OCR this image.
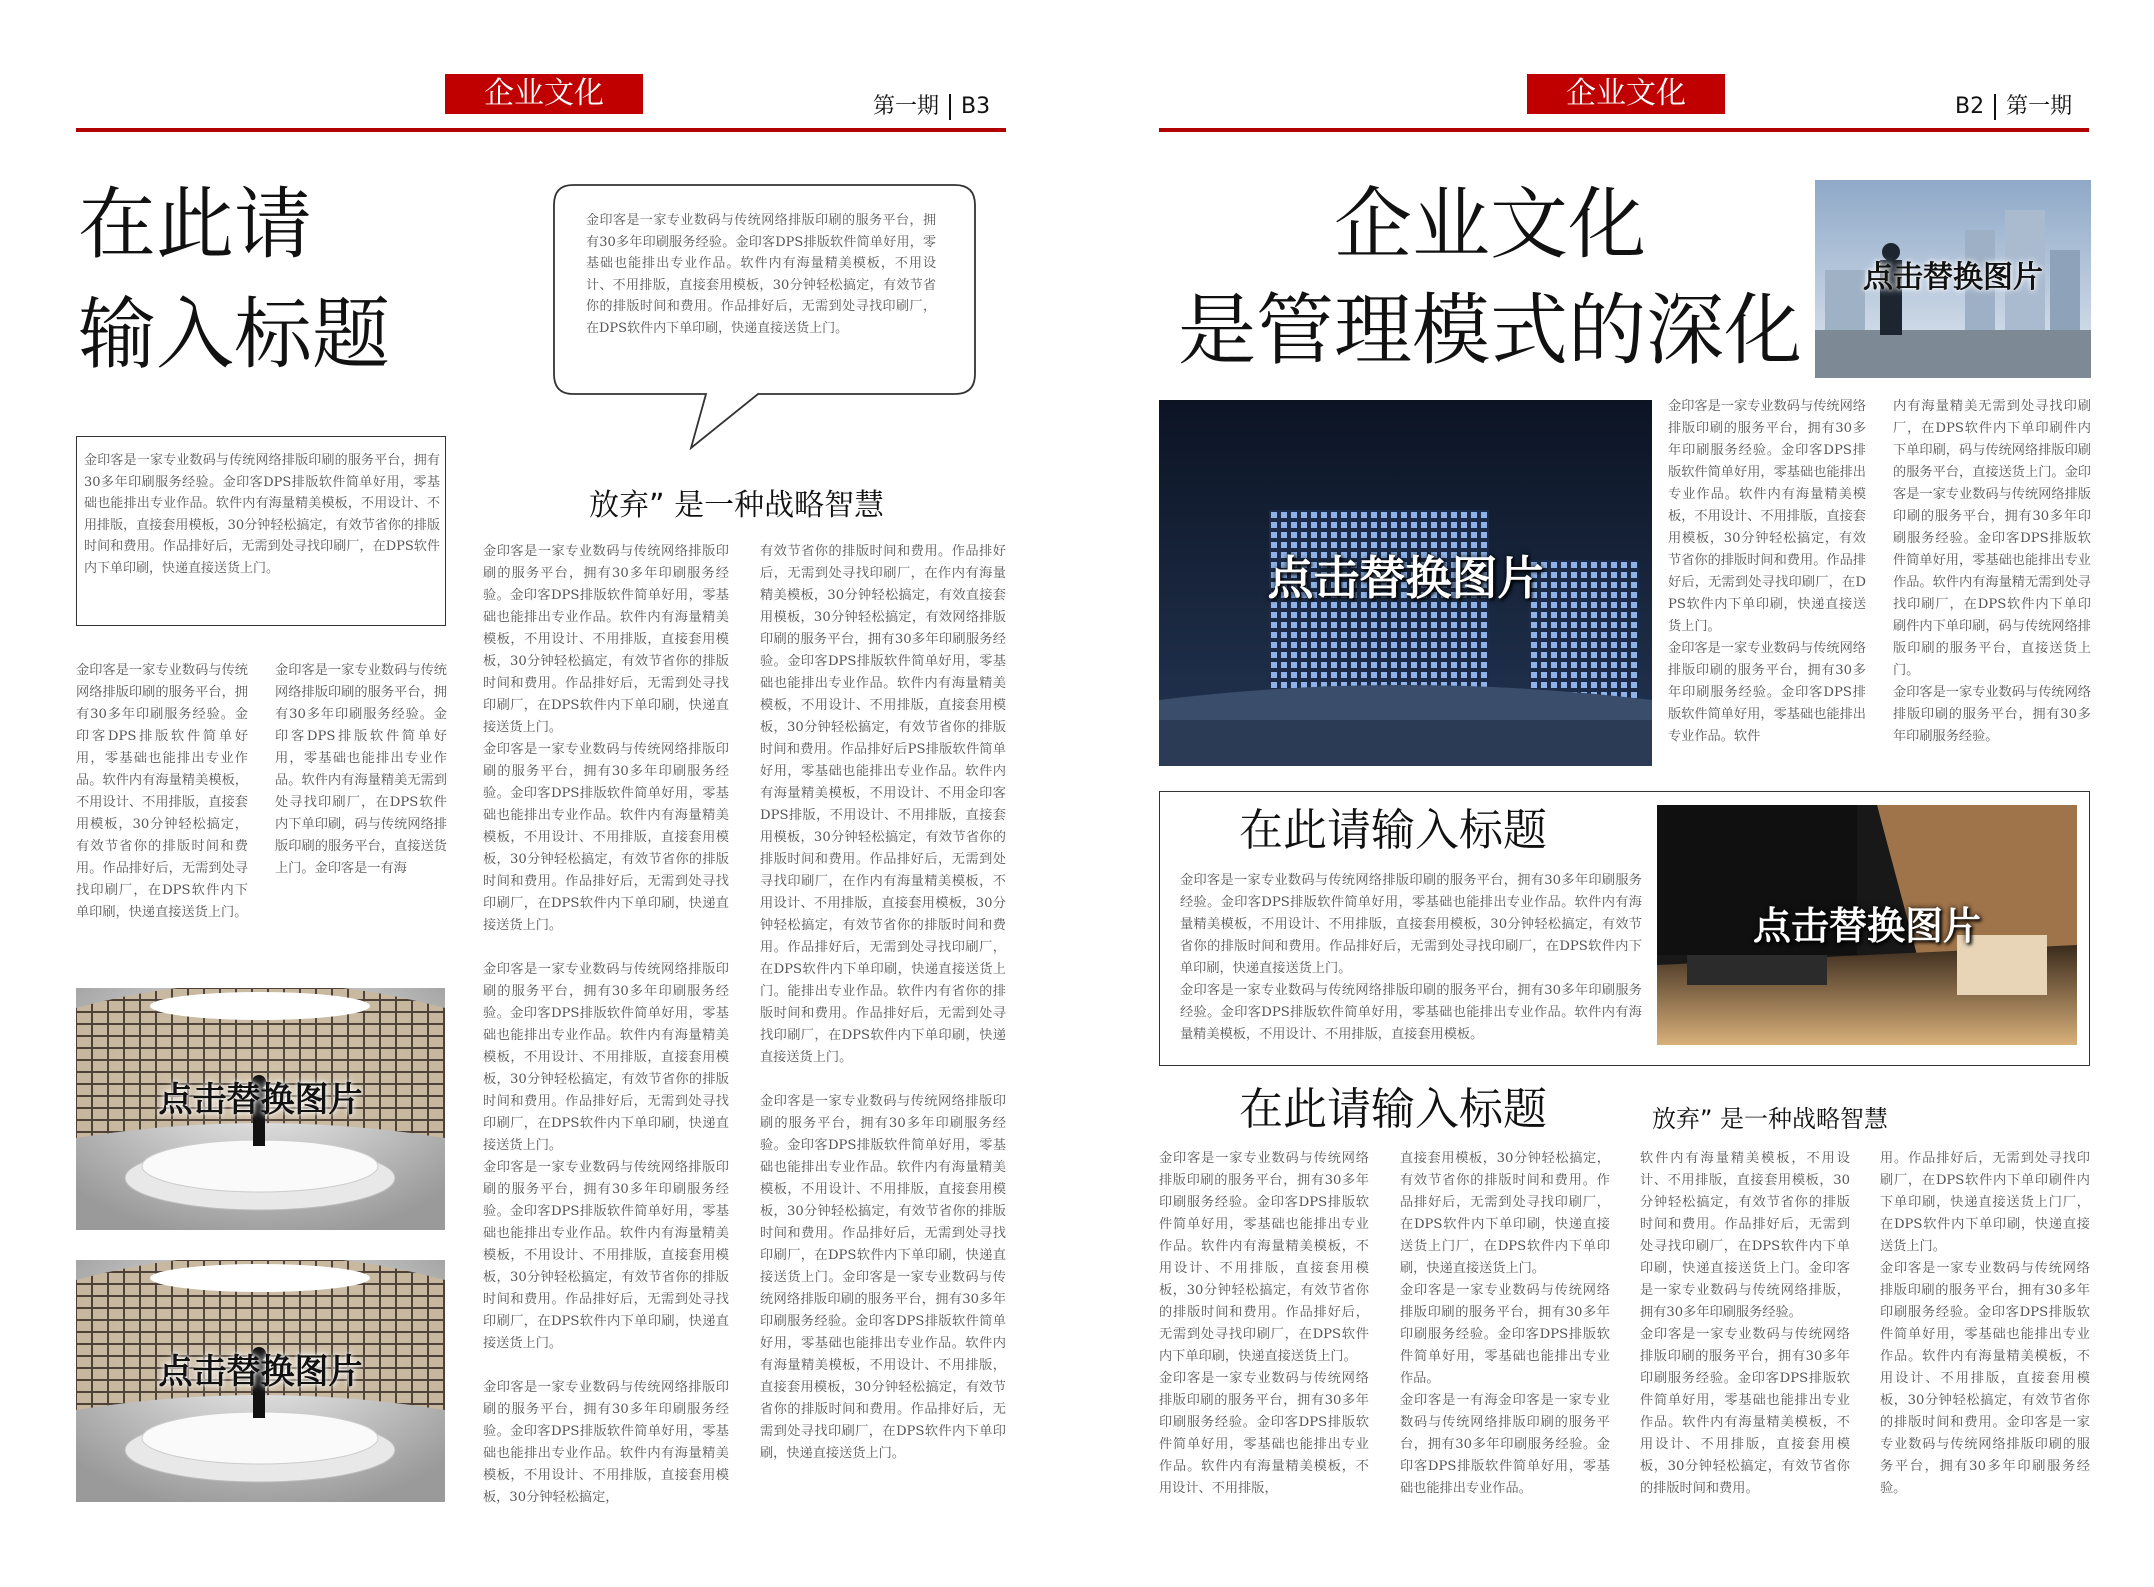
企业文化	第一期 B3
在此请
输入标题
金印客是一家专业数码与传统网络排版印刷的服务平台，拥有30多年印刷服务经验。金印客DPS排版软件简单好用，零基础也能排出专业作品。软件内有海量精美模板，不用设计、不用排版，直接套用模板，30分钟轻松搞定，有效节省你的排版时间和费用。作品排好后，无需到处寻找印刷厂，在DPS软件内下单印刷，快递直接送货上门。
金印客是一家专业数码与传统网络排版印刷的服务平台，拥有30多年印刷服务经验。金印客DPS排版软件简单好用，零基础也能排出专业作品。软件内有海量精美模板，不用设计、不用排版，直接套用模板，30分钟轻松搞定，有效节省你的排版时间和费用。作品排好后，无需到处寻找印刷厂，在DPS软件内下单印刷，快递直接送货上门。
金印客是一家专业数码与传统网络排版印刷的服务平台，拥有30多年印刷服务经验。金印客DPS排版软件简单好用，零基础也能排出专业作品。软件内有海量精美模板，不用设计、不用排版，直接套用模板，30分钟轻松搞定，有效节省你的排版时间和费用。作品排好后，无需到处寻找印刷厂，在DPS软件内下单印刷，快递直接送货上门。
金印客是一家专业数码与传统网络排版印刷的服务平台，拥有30多年印刷服务经验。金印客DPS排版软件简单好用，零基础也能排出专业作品。软件内有海量精美无需到处寻找印刷厂，在DPS软件内下单印刷，码与传统网络排版印刷的服务平台，直接送货上门。金印客是一有海
点击替换图片
点击替换图片
放弃” 是一种战略智慧
金印客是一家专业数码与传统网络排版印刷的服务平台，拥有30多年印刷服务经验。金印客DPS排版软件简单好用，零基础也能排出专业作品。软件内有海量精美模板，不用设计、不用排版，直接套用模板，30分钟轻松搞定，有效节省你的排版时间和费用。作品排好后，无需到处寻找印刷厂，在DPS软件内下单印刷，快递直接送货上门。
金印客是一家专业数码与传统网络排版印刷的服务平台，拥有30多年印刷服务经验。金印客DPS排版软件简单好用，零基础也能排出专业作品。软件内有海量精美模板，不用设计、不用排版，直接套用模板，30分钟轻松搞定，有效节省你的排版时间和费用。作品排好后，无需到处寻找印刷厂，在DPS软件内下单印刷，快递直接送货上门。

金印客是一家专业数码与传统网络排版印刷的服务平台，拥有30多年印刷服务经验。金印客DPS排版软件简单好用，零基础也能排出专业作品。软件内有海量精美模板，不用设计、不用排版，直接套用模板，30分钟轻松搞定，有效节省你的排版时间和费用。作品排好后，无需到处寻找印刷厂，在DPS软件内下单印刷，快递直接送货上门。
金印客是一家专业数码与传统网络排版印刷的服务平台，拥有30多年印刷服务经验。金印客DPS排版软件简单好用，零基础也能排出专业作品。软件内有海量精美模板，不用设计、不用排版，直接套用模板，30分钟轻松搞定，有效节省你的排版时间和费用。作品排好后，无需到处寻找印刷厂，在DPS软件内下单印刷，快递直接送货上门。

金印客是一家专业数码与传统网络排版印刷的服务平台，拥有30多年印刷服务经验。金印客DPS排版软件简单好用，零基础也能排出专业作品。软件内有海量精美模板，不用设计、不用排版，直接套用模板，30分钟轻松搞定，
有效节省你的排版时间和费用。作品排好后，无需到处寻找印刷厂，在作内有海量精美模板，30分钟轻松搞定，有效直接套用模板，30分钟轻松搞定，有效网络排版印刷的服务平台，拥有30多年印刷服务经验。金印客DPS排版软件简单好用，零基础也能排出专业作品。软件内有海量精美模板，不用设计、不用排版，直接套用模板，30分钟轻松搞定，有效节省你的排版时间和费用。作品排好后PS排版软件简单好用，零基础也能排出专业作品。软件内有海量精美模板，不用设计、不用金印客DPS排版，不用设计、不用排版，直接套用模板，30分钟轻松搞定，有效节省你的排版时间和费用。作品排好后，无需到处寻找印刷厂，在作内有海量精美模板，不用设计、不用排版，直接套用模板，30分钟轻松搞定，有效节省你的排版时间和费用。作品排好后，无需到处寻找印刷厂，在DPS软件内下单印刷，快递直接送货上门。能排出专业作品。软件内有省你的排版时间和费用。作品排好后，无需到处寻找印刷厂，在DPS软件内下单印刷，快递直接送货上门。

金印客是一家专业数码与传统网络排版印刷的服务平台，拥有30多年印刷服务经验。金印客DPS排版软件简单好用，零基础也能排出专业作品。软件内有海量精美模板，不用设计、不用排版，直接套用模板，30分钟轻松搞定，有效节省你的排版时间和费用。作品排好后，无需到处寻找印刷厂，在DPS软件内下单印刷，快递直接送货上门。金印客是一家专业数码与传统网络排版印刷的服务平台，拥有30多年印刷服务经验。金印客DPS排版软件简单好用，零基础也能排出专业作品。软件内有海量精美模板，不用设计、不用排版，直接套用模板，30分钟轻松搞定，有效节省你的排版时间和费用。作品排好后，无需到处寻找印刷厂，在DPS软件内下单印刷，快递直接送货上门。
企业文化	B2 第一期
企业文化
是管理模式的深化
点击替换图片
点击替换图片
金印客是一家专业数码与传统网络排版印刷的服务平台，拥有30多年印刷服务经验。金印客DPS排版软件简单好用，零基础也能排出专业作品。软件内有海量精美模板，不用设计、不用排版，直接套用模板，30分钟轻松搞定，有效节省你的排版时间和费用。作品排好后，无需到处寻找印刷厂，在DPS软件内下单印刷，快递直接送货上门。
金印客是一家专业数码与传统网络排版印刷的服务平台，拥有30多年印刷服务经验。金印客DPS排版软件简单好用，零基础也能排出专业作品。软件
内有海量精美无需到处寻找印刷厂，在DPS软件内下单印刷件内下单印刷，码与传统网络排版印刷的服务平台，直接送货上门。金印客是一家专业数码与传统网络排版印刷的服务平台，拥有30多年印刷服务经验。金印客DPS排版软件简单好用，零基础也能排出专业作品。软件内有海量精无需到处寻找印刷厂，在DPS软件内下单印刷件内下单印刷，码与传统网络排版印刷的服务平台，直接送货上门。
金印客是一家专业数码与传统网络排版印刷的服务平台，拥有30多年印刷服务经验。
在此请输入标题
金印客是一家专业数码与传统网络排版印刷的服务平台，拥有30多年印刷服务经验。金印客DPS排版软件简单好用，零基础也能排出专业作品。软件内有海量精美模板，不用设计、不用排版，直接套用模板，30分钟轻松搞定，有效节省你的排版时间和费用。作品排好后，无需到处寻找印刷厂，在DPS软件内下单印刷，快递直接送货上门。
金印客是一家专业数码与传统网络排版印刷的服务平台，拥有30多年印刷服务经验。金印客DPS排版软件简单好用，零基础也能排出专业作品。软件内有海量精美模板，不用设计、不用排版，直接套用模板。
点击替换图片
在此请输入标题	放弃” 是一种战略智慧
金印客是一家专业数码与传统网络排版印刷的服务平台，拥有30多年印刷服务经验。金印客DPS排版软件简单好用，零基础也能排出专业作品。软件内有海量精美模板，不用设计、不用排版，直接套用模板，30分钟轻松搞定，有效节省你的排版时间和费用。作品排好后，无需到处寻找印刷厂，在DPS软件内下单印刷，快递直接送货上门。
金印客是一家专业数码与传统网络排版印刷的服务平台，拥有30多年印刷服务经验。金印客DPS排版软件简单好用，零基础也能排出专业作品。软件内有海量精美模板，不用设计、不用排版，
直接套用模板，30分钟轻松搞定，有效节省你的排版时间和费用。作品排好后，无需到处寻找印刷厂，在DPS软件内下单印刷，快递直接送货上门厂，在DPS软件内下单印刷，快递直接送货上门。
金印客是一家专业数码与传统网络排版印刷的服务平台，拥有30多年印刷服务经验。金印客DPS排版软件简单好用，零基础也能排出专业作品。
金印客是一有海金印客是一家专业数码与传统网络排版印刷的服务平台，拥有30多年印刷服务经验。金印客DPS排版软件简单好用，零基础也能排出专业作品。
软件内有海量精美模板，不用设计、不用排版，直接套用模板，30分钟轻松搞定，有效节省你的排版时间和费用。作品排好后，无需到处寻找印刷厂，在DPS软件内下单印刷，快递直接送货上门。金印客是一家专业数码与传统网络排版，拥有30多年印刷服务经验。
金印客是一家专业数码与传统网络排版印刷的服务平台，拥有30多年印刷服务经验。金印客DPS排版软件简单好用，零基础也能排出专业作品。软件内有海量精美模板，不用设计、不用排版，直接套用模板，30分钟轻松搞定，有效节省你的排版时间和费用。
用。作品排好后，无需到处寻找印刷厂，在DPS软件内下单印刷件内下单印刷，快递直接送货上门厂，在DPS软件内下单印刷，快递直接送货上门。
金印客是一家专业数码与传统网络排版印刷的服务平台，拥有30多年印刷服务经验。金印客DPS排版软件简单好用，零基础也能排出专业作品。软件内有海量精美模板，不用设计、不用排版，直接套用模板，30分钟轻松搞定，有效节省你的排版时间和费用。金印客是一家专业数码与传统网络排版印刷的服务平台，拥有30多年印刷服务经验。
